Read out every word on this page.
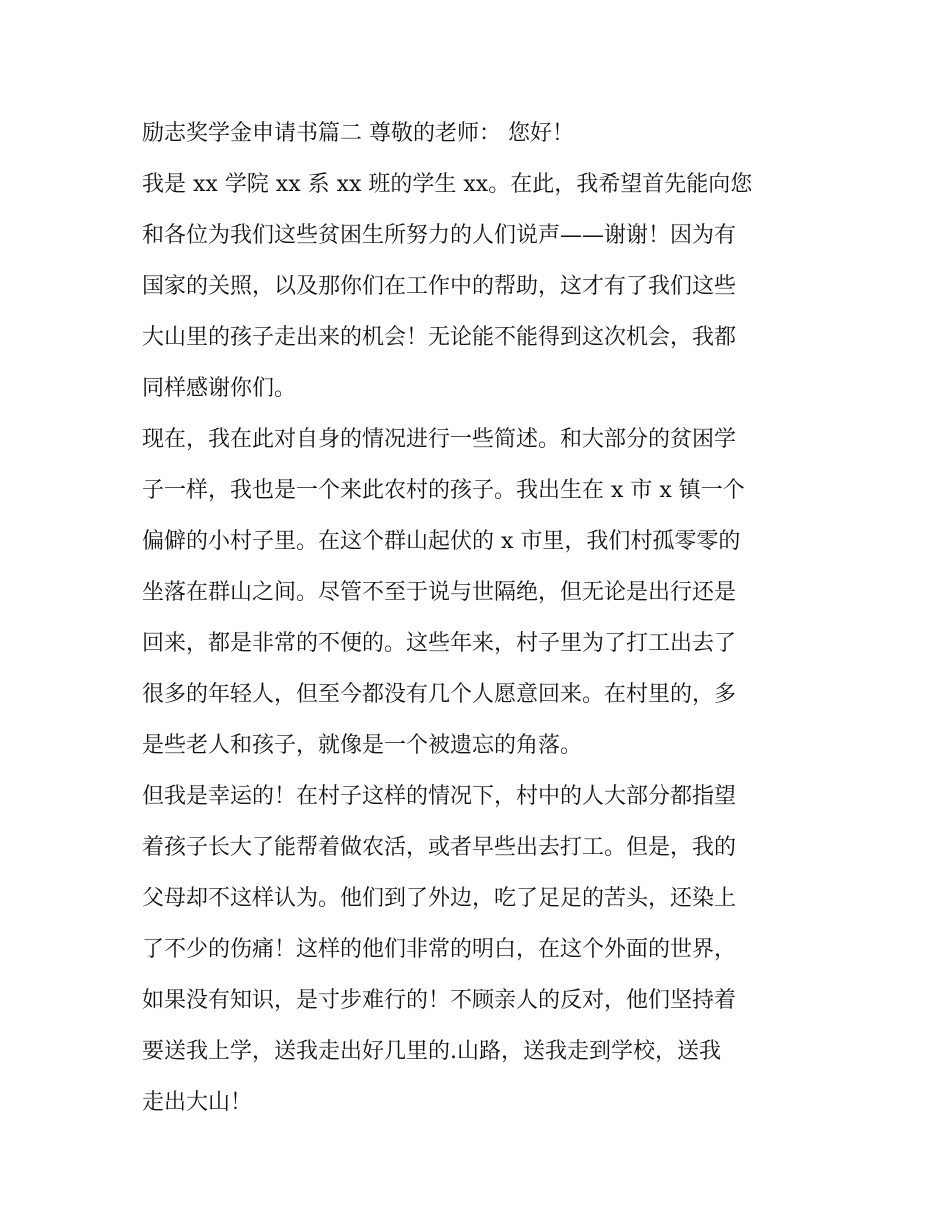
励志奖学金申请书篇二 尊敬的老师： 您好！
我是 xx 学院 xx 系 xx 班的学生 xx。在此，我希望首先能向您
和各位为我们这些贫困生所努力的人们说声——谢谢！因为有
国家的关照，以及那你们在工作中的帮助，这才有了我们这些
大山里的孩子走出来的机会！无论能不能得到这次机会，我都
同样感谢你们。
现在，我在此对自身的情况进行一些简述。和大部分的贫困学
子一样，我也是一个来此农村的孩子。我出生在 x 市 x 镇一个
偏僻的小村子里。在这个群山起伏的 x 市里，我们村孤零零的
坐落在群山之间。尽管不至于说与世隔绝，但无论是出行还是
回来，都是非常的不便的。这些年来，村子里为了打工出去了
很多的年轻人，但至今都没有几个人愿意回来。在村里的，多
是些老人和孩子，就像是一个被遗忘的角落。
但我是幸运的！在村子这样的情况下，村中的人大部分都指望
着孩子长大了能帮着做农活，或者早些出去打工。但是，我的
父母却不这样认为。他们到了外边，吃了足足的苦头，还染上
了不少的伤痛！这样的他们非常的明白，在这个外面的世界，
如果没有知识，是寸步难行的！不顾亲人的反对，他们坚持着
要送我上学，送我走出好几里的.山路，送我走到学校，送我
走出大山！
